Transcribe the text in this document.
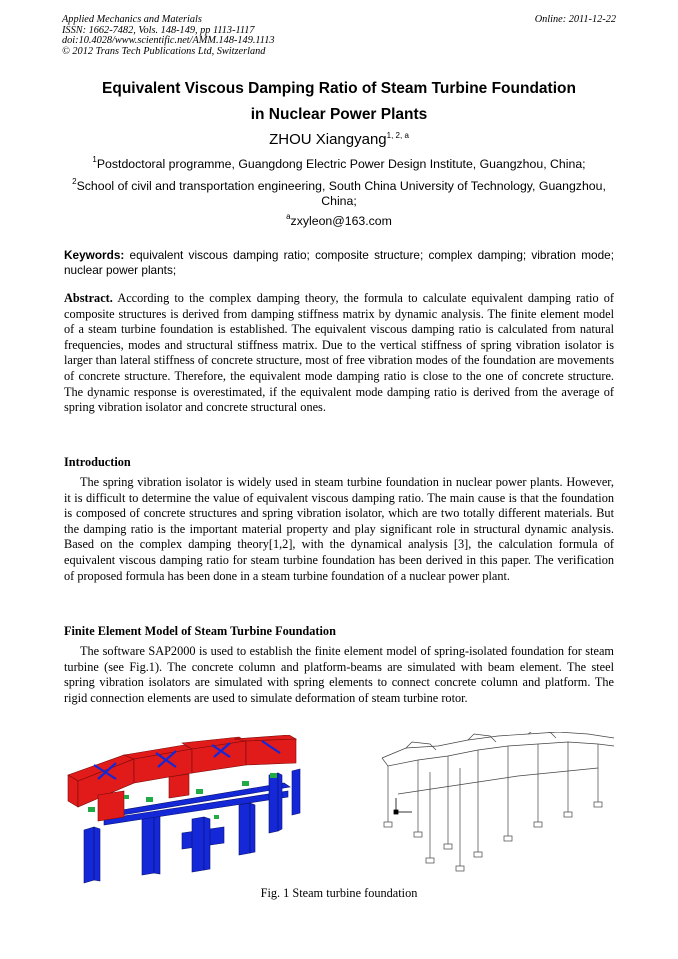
Applied Mechanics and Materials
ISSN: 1662-7482, Vols. 148-149, pp 1113-1117
doi:10.4028/www.scientific.net/AMM.148-149.1113
© 2012 Trans Tech Publications Ltd, Switzerland
Online: 2011-12-22
Equivalent Viscous Damping Ratio of Steam Turbine Foundation
in Nuclear Power Plants
ZHOU Xiangyang$^{1, 2, a}$
$^1$Postdoctoral programme, Guangdong Electric Power Design Institute, Guangzhou, China;
$^2$School of civil and transportation engineering, South China University of Technology, Guangzhou,
China;
$^a$zxyleon@163.com
Keywords: equivalent viscous damping ratio; composite structure; complex damping; vibration mode; nuclear power plants;
Abstract. According to the complex damping theory, the formula to calculate equivalent damping ratio of composite structures is derived from damping stiffness matrix by dynamic analysis. The finite element model of a steam turbine foundation is established. The equivalent viscous damping ratio is calculated from natural frequencies, modes and structural stiffness matrix. Due to the vertical stiffness of spring vibration isolator is larger than lateral stiffness of concrete structure, most of free vibration modes of the foundation are movements of concrete structure. Therefore, the equivalent mode damping ratio is close to the one of concrete structure. The dynamic response is overestimated, if the equivalent mode damping ratio is derived from the average of spring vibration isolator and concrete structural ones.
Introduction
The spring vibration isolator is widely used in steam turbine foundation in nuclear power plants. However, it is difficult to determine the value of equivalent viscous damping ratio. The main cause is that the foundation is composed of concrete structures and spring vibration isolator, which are two totally different materials. But the damping ratio is the important material property and play significant role in structural dynamic analysis. Based on the complex damping theory[1,2], with the dynamical analysis [3], the calculation formula of equivalent viscous damping ratio for steam turbine foundation has been derived in this paper. The verification of proposed formula has been done in a steam turbine foundation of a nuclear power plant.
Finite Element Model of Steam Turbine Foundation
The software SAP2000 is used to establish the finite element model of spring-isolated foundation for steam turbine (see Fig.1). The concrete column and platform-beams are simulated with beam element. The steel spring vibration isolators are simulated with spring elements to connect concrete column and platform. The rigid connection elements are used to simulate deformation of steam turbine rotor.
Fig. 1 Steam turbine foundation
